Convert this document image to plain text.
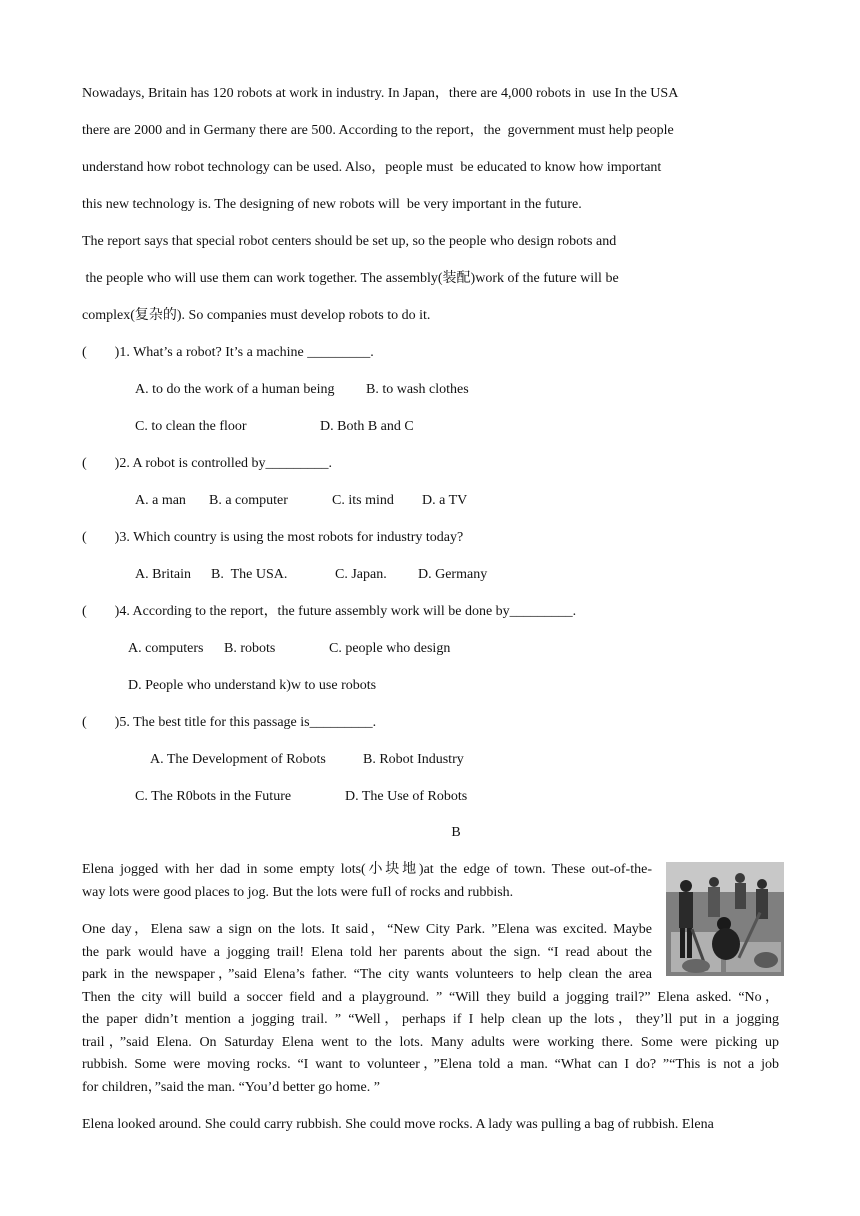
Nowadays, Britain has 120 robots at work in industry. In Japan，there are 4,000 robots in  use In the USA
there are 2000 and in Germany there are 500. According to the report，the  government must help people
understand how robot technology can be used. Also，people must  be educated to know how important
this new technology is. The designing of new robots will  be very important in the future.
The report says that special robot centers should be set up, so the people who design robots and
the people who will use them can work together. The assembly(装配)work of the future will be
complex(复杂的). So companies must develop robots to do it.
(        )1. What’s a robot? It’s a machine _________.
A. to do the work of a human being B. to wash clothes
C. to clean the floor	D. Both B and C
(        )2. A robot is controlled by_________.
A. a man B. a computer	C. its mind D. a TV
(        )3. Which country is using the most robots for industry today?
A. Britain B.  The USA.	C. Japan. D. Germany
(        )4. According to the report，the future assembly work will be done by_________.
A. computers B. robots	C. people who design
D. People who understand k)w to use robots
(        )5. The best title for this passage is_________.
A. The Development of Robots	B. Robot Industry
C. The R0bots in the Future	D. The Use of Robots
B
Elena jogged with her dad in some empty lots(小块地)at the edge of town. These out-of-the-
way lots were good places to jog. But the lots were fuIl of rocks and rubbish.
One day，Elena saw a sign on the lots. It said，“New City Park. ”Elena was excited. Maybe
the park would have a jogging trail! Elena told her parents about the sign. “I read about the
park in the newspaper，”said Elena’s father. “The city wants volunteers to help clean the area
Then the city will build a soccer field and a playground. ” “Will they build a jogging trail?” Elena asked. “No，
the paper didn’t mention a jogging trail. ” “Well，perhaps if I help clean up the lots，they’ll put in a jogging
trail，”said Elena. On Saturday Elena went to the lots. Many adults were working there. Some were picking up
rubbish. Some were moving rocks. “I want to volunteer，”Elena told a man. “What can I do? ”“This is not a job
for children，”said the man. “You’d better go home. ”
Elena looked around. She could carry rubbish. She could move rocks. A lady was pulling a bag of rubbish. Elena
